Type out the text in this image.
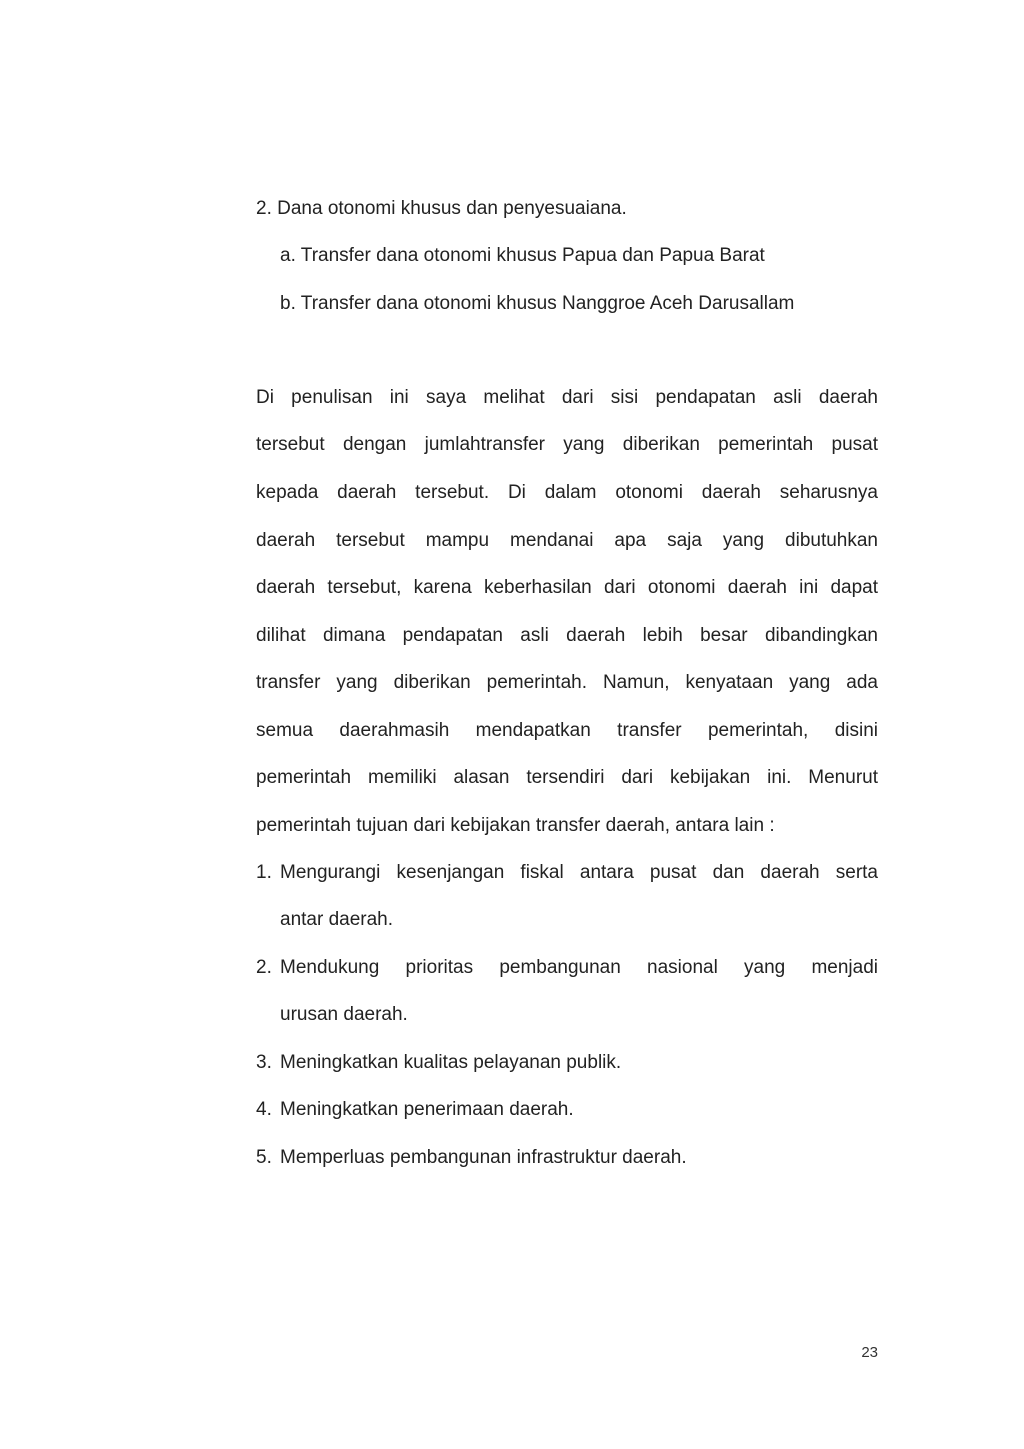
2. Dana otonomi khusus dan penyesuaiana.
a. Transfer dana otonomi khusus Papua dan Papua Barat
b. Transfer dana otonomi khusus Nanggroe Aceh Darusallam
Di penulisan ini saya melihat dari sisi pendapatan asli daerah
tersebut dengan jumlahtransfer yang diberikan pemerintah pusat
kepada daerah tersebut. Di dalam otonomi daerah seharusnya
daerah tersebut mampu mendanai apa saja yang dibutuhkan
daerah tersebut, karena keberhasilan dari otonomi daerah ini dapat
dilihat dimana pendapatan asli daerah lebih besar dibandingkan
transfer yang diberikan pemerintah. Namun, kenyataan yang ada
semua daerahmasih mendapatkan transfer pemerintah, disini
pemerintah memiliki alasan tersendiri dari kebijakan ini. Menurut
pemerintah tujuan dari kebijakan transfer daerah, antara lain :
1. Mengurangi kesenjangan fiskal antara pusat dan daerah serta
antar daerah.
2. Mendukung prioritas pembangunan nasional yang menjadi
urusan daerah.
3. Meningkatkan kualitas pelayanan publik.
4. Meningkatkan penerimaan daerah.
5. Memperluas pembangunan infrastruktur daerah.
23
